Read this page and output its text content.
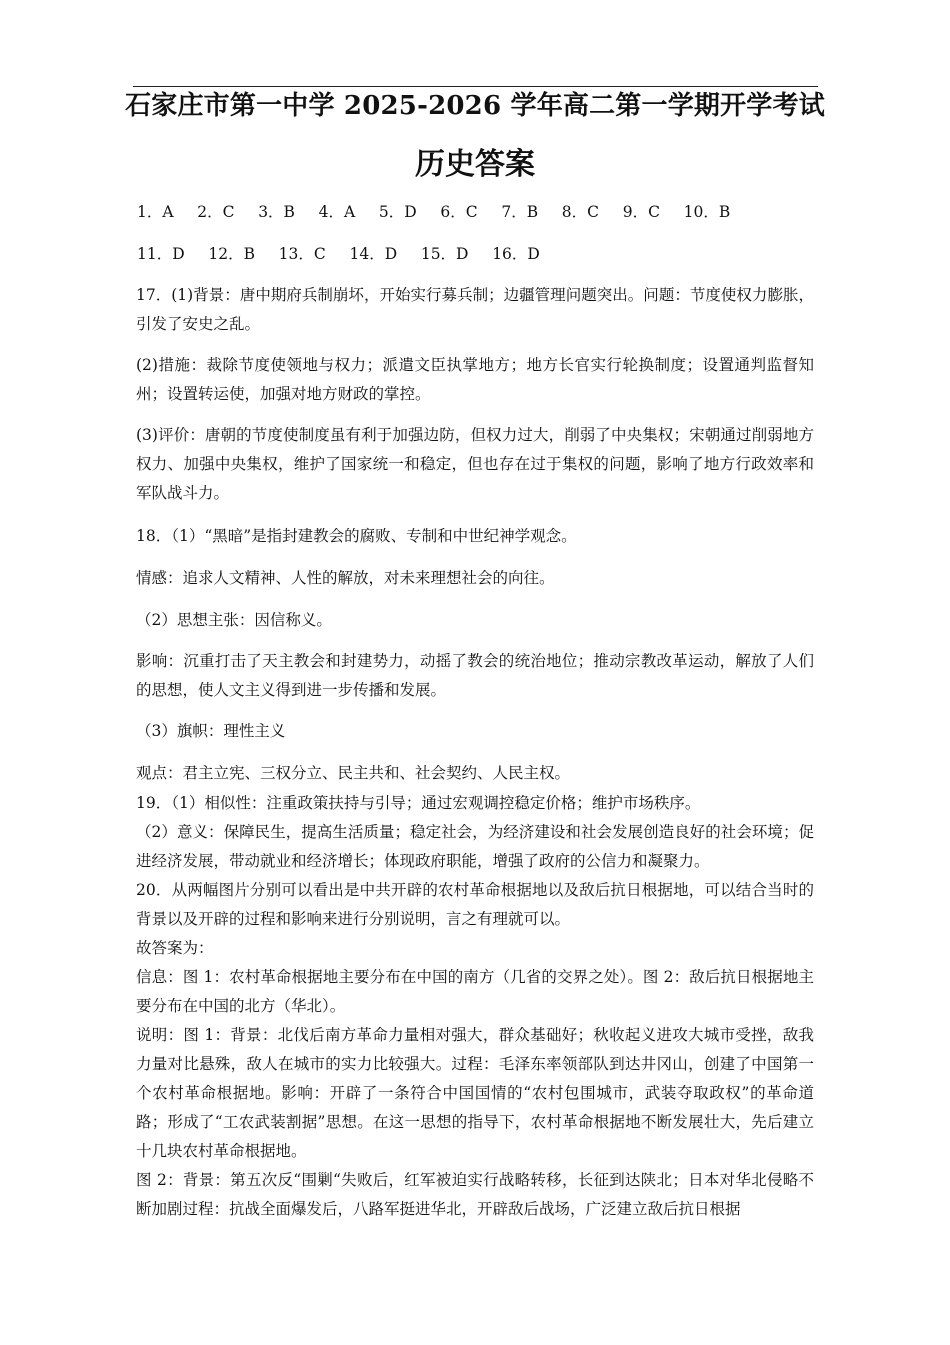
石家庄市第一中学 2025-2026 学年高二第一学期开学考试
历史答案
1．A    2．C    3．B    4．A    5．D    6．C    7．B    8．C    9．C    10．B
11．D    12．B    13．C    14．D    15．D    16．D

17．(1)背景：唐中期府兵制崩坏，开始实行募兵制；边疆管理问题突出。问题：节度使权力膨胀，引发了安史之乱。

(2)措施：裁除节度使领地与权力；派遣文臣执掌地方；地方长官实行轮换制度；设置通判监督知州；设置转运使，加强对地方财政的掌控。

(3)评价：唐朝的节度使制度虽有利于加强边防，但权力过大，削弱了中央集权；宋朝通过削弱地方权力、加强中央集权，维护了国家统一和稳定，但也存在过于集权的问题，影响了地方行政效率和军队战斗力。

18．（1）“黑暗”是指封建教会的腐败、专制和中世纪神学观念。

情感：追求人文精神、人性的解放，对未来理想社会的向往。

（2）思想主张：因信称义。

影响：沉重打击了天主教会和封建势力，动摇了教会的统治地位；推动宗教改革运动，解放了人们的思想，使人文主义得到进一步传播和发展。

（3）旗帜：理性主义

观点：君主立宪、三权分立、民主共和、社会契约、人民主权。

19．（1）相似性：注重政策扶持与引导；通过宏观调控稳定价格；维护市场秩序。

（2）意义：保障民生，提高生活质量；稳定社会，为经济建设和社会发展创造良好的社会环境；促进经济发展，带动就业和经济增长；体现政府职能，增强了政府的公信力和凝聚力。

20．从两幅图片分别可以看出是中共开辟的农村革命根据地以及敌后抗日根据地，可以结合当时的背景以及开辟的过程和影响来进行分别说明，言之有理就可以。

故答案为：

信息：图 1：农村革命根据地主要分布在中国的南方（几省的交界之处）。图 2：敌后抗日根据地主要分布在中国的北方（华北）。

说明：图 1：背景：北伐后南方革命力量相对强大，群众基础好；秋收起义进攻大城市受挫，敌我力量对比悬殊，敌人在城市的实力比较强大。过程：毛泽东率领部队到达井冈山，创建了中国第一个农村革命根据地。影响：开辟了一条符合中国国情的“农村包围城市，武装夺取政权”的革命道路；形成了“工农武装割据”思想。在这一思想的指导下，农村革命根据地不断发展壮大，先后建立十几块农村革命根据地。

图 2：背景：第五次反“围剿“失败后，红军被迫实行战略转移，长征到达陕北；日本对华北侵略不断加剧过程：抗战全面爆发后，八路军挺进华北，开辟敌后战场，广泛建立敌后抗日根据
